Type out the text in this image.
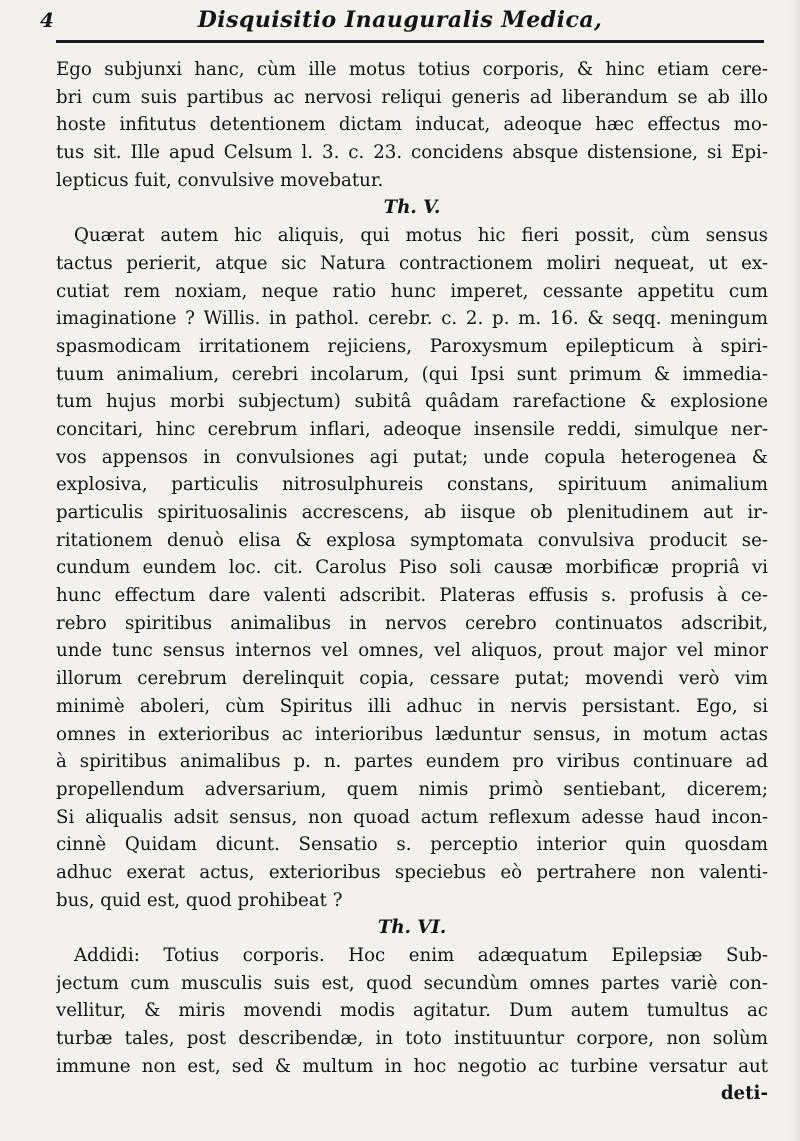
4	Disquisitio Inauguralis Medica,
Ego subjunxi hanc, cùm ille motus totius corporis, & hinc etiam cere-
bri cum suis partibus ac nervosi reliqui generis ad liberandum se ab illo
hoste infitutus detentionem dictam inducat, adeoque hæc effectus mo-
tus sit. Ille apud Celsum l. 3. c. 23. concidens absque distensione, si Epi-
lepticus fuit, convulsive movebatur.
Th. V.
Quærat autem hic aliquis, qui motus hic fieri possit, cùm sensus
tactus perierit, atque sic Natura contractionem moliri nequeat, ut ex-
cutiat rem noxiam, neque ratio hunc imperet, cessante appetitu cum
imaginatione ? Willis. in pathol. cerebr. c. 2. p. m. 16. & seqq. meningum
spasmodicam irritationem rejiciens, Paroxysmum epilepticum à spiri-
tuum animalium, cerebri incolarum, (qui Ipsi sunt primum & immedia-
tum hujus morbi subjectum) subitâ quâdam rarefactione & explosione
concitari, hinc cerebrum inflari, adeoque insensile reddi, simulque ner-
vos appensos in convulsiones agi putat; unde copula heterogenea &
explosiva, particulis nitrosulphureis constans, spirituum animalium
particulis spirituosalinis accrescens, ab iisque ob plenitudinem aut ir-
ritationem denuò elisa & explosa symptomata convulsiva producit se-
cundum eundem loc. cit. Carolus Piso soli causæ morbificæ propriâ vi
hunc effectum dare valenti adscribit. Plateras effusis s. profusis à ce-
rebro spiritibus animalibus in nervos cerebro continuatos adscribit,
unde tunc sensus internos vel omnes, vel aliquos, prout major vel minor
illorum cerebrum derelinquit copia, cessare putat; movendi verò vim
minimè aboleri, cùm Spiritus illi adhuc in nervis persistant. Ego, si
omnes in exterioribus ac interioribus læduntur sensus, in motum actas
à spiritibus animalibus p. n. partes eundem pro viribus continuare ad
propellendum adversarium, quem nimis primò sentiebant, dicerem;
Si aliqualis adsit sensus, non quoad actum reflexum adesse haud incon-
cinnè Quidam dicunt. Sensatio s. perceptio interior quin quosdam
adhuc exerat actus, exterioribus speciebus eò pertrahere non valenti-
bus, quid est, quod prohibeat ?
Th. VI.
Addidi: Totius corporis. Hoc enim adæquatum Epilepsiæ Sub-
jectum cum musculis suis est, quod secundùm omnes partes variè con-
vellitur, & miris movendi modis agitatur. Dum autem tumultus ac
turbæ tales, post describendæ, in toto instituuntur corpore, non solùm
immune non est, sed & multum in hoc negotio ac turbine versatur aut
deti-
